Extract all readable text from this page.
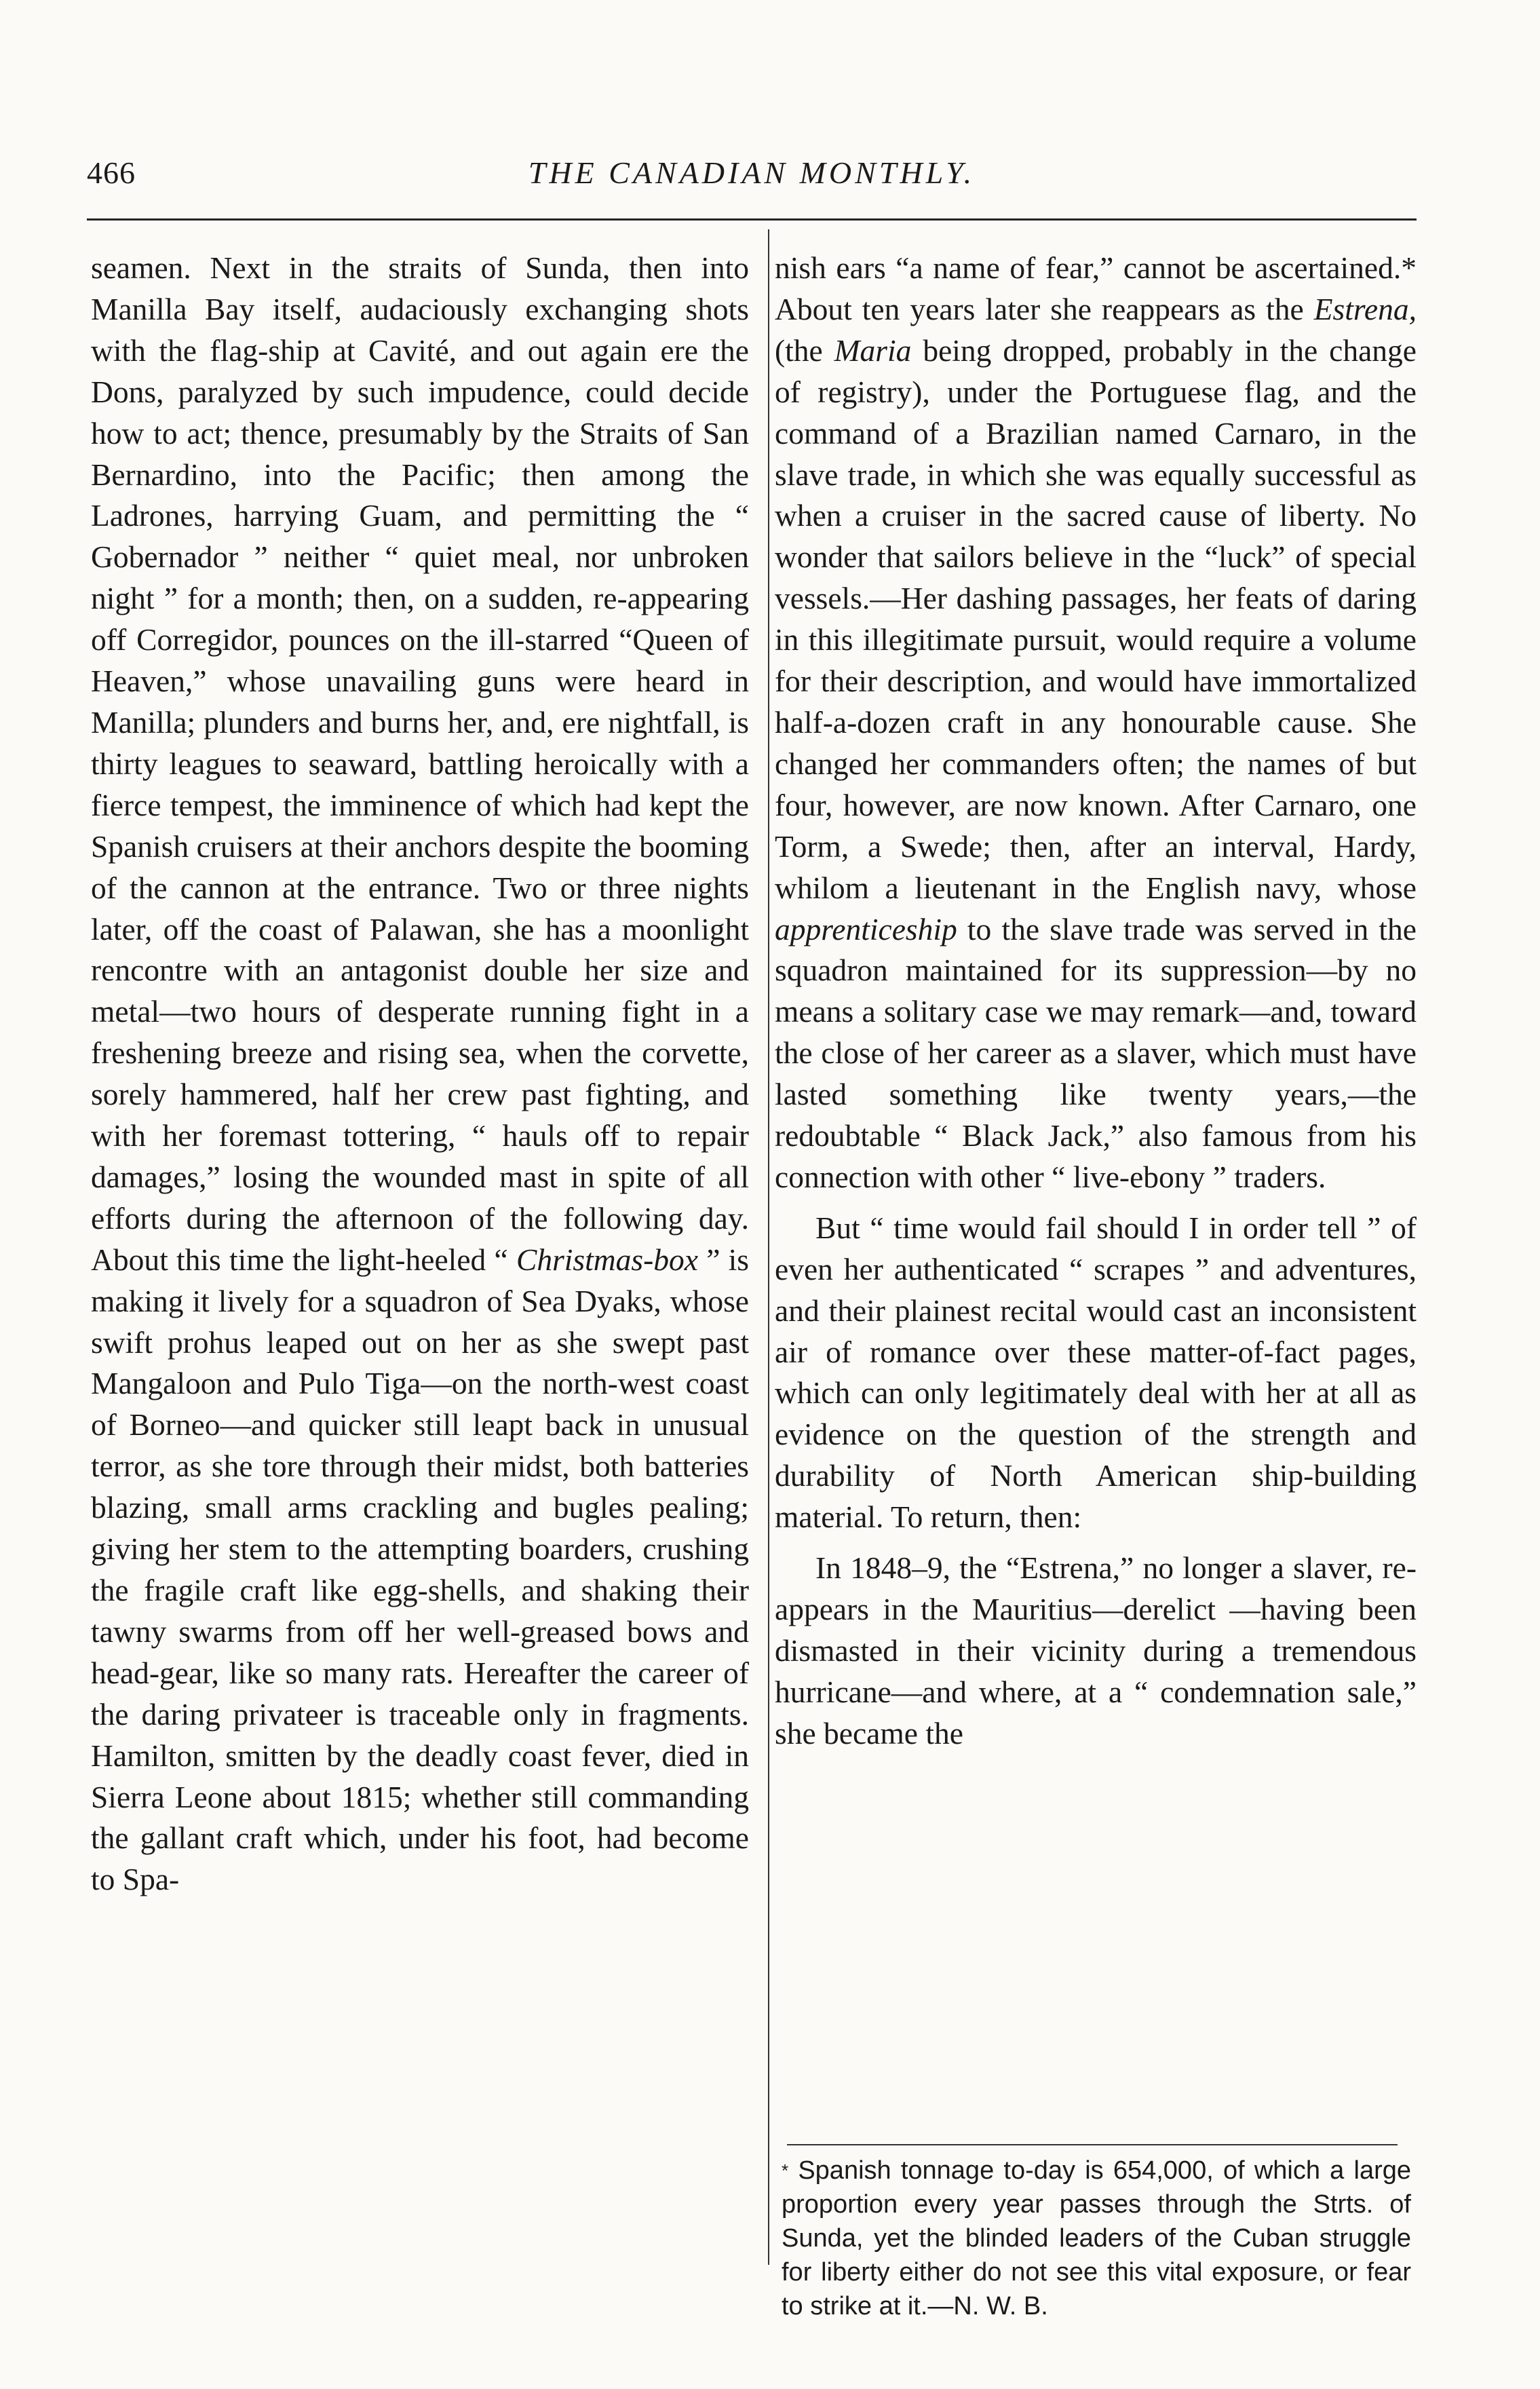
466	THE CANADIAN MONTHLY.

seamen. Next in the straits of Sunda, then into Manilla Bay itself, audaciously exchanging shots with the flag-ship at Cavité, and out again ere the Dons, paralyzed by such impudence, could decide how to act; thence, presumably by the Straits of San Bernardino, into the Pacific; then among the Ladrones, harrying Guam, and permitting the “ Gobernador ” neither “ quiet meal, nor unbroken night ” for a month; then, on a sudden, re-appearing off Corregidor, pounces on the ill-starred “Queen of Heaven,” whose unavailing guns were heard in Manilla; plunders and burns her, and, ere nightfall, is thirty leagues to seaward, battling heroically with a fierce tempest, the imminence of which had kept the Spanish cruisers at their anchors despite the booming of the cannon at the entrance. Two or three nights later, off the coast of Palawan, she has a moonlight rencontre with an antagonist double her size and metal—two hours of desperate running fight in a freshening breeze and rising sea, when the corvette, sorely hammered, half her crew past fighting, and with her foremast tottering, “ hauls off to repair damages,” losing the wounded mast in spite of all efforts during the afternoon of the following day. About this time the light-heeled “ Christmas-box ” is making it lively for a squadron of Sea Dyaks, whose swift prohus leaped out on her as she swept past Mangaloon and Pulo Tiga—on the north-west coast of Borneo—and quicker still leapt back in unusual terror, as she tore through their midst, both batteries blazing, small arms crackling and bugles pealing; giving her stem to the attempting boarders, crushing the fragile craft like egg-shells, and shaking their tawny swarms from off her well-greased bows and head-gear, like so many rats. Hereafter the career of the daring privateer is traceable only in fragments. Hamilton, smitten by the deadly coast fever, died in Sierra Leone about 1815; whether still commanding the gallant craft which, under his foot, had become to Spa-

nish ears “a name of fear,” cannot be ascertained.* About ten years later she reappears as the Estrena, (the Maria being dropped, probably in the change of registry), under the Portuguese flag, and the command of a Brazilian named Carnaro, in the slave trade, in which she was equally successful as when a cruiser in the sacred cause of liberty. No wonder that sailors believe in the “luck” of special vessels.—Her dashing passages, her feats of daring in this illegitimate pursuit, would require a volume for their description, and would have immortalized half-a-dozen craft in any honourable cause. She changed her commanders often; the names of but four, however, are now known. After Carnaro, one Torm, a Swede; then, after an interval, Hardy, whilom a lieutenant in the English navy, whose apprenticeship to the slave trade was served in the squadron maintained for its suppression—by no means a solitary case we may remark—and, toward the close of her career as a slaver, which must have lasted something like twenty years,—the redoubtable “ Black Jack,” also famous from his connection with other “ live-ebony ” traders.

But “ time would fail should I in order tell ” of even her authenticated “ scrapes ” and adventures, and their plainest recital would cast an inconsistent air of romance over these matter-of-fact pages, which can only legitimately deal with her at all as evidence on the question of the strength and durability of North American ship-building material. To return, then:

In 1848–9, the “Estrena,” no longer a slaver, re-appears in the Mauritius—derelict —having been dismasted in their vicinity during a tremendous hurricane—and where, at a “ condemnation sale,” she became the

* Spanish tonnage to-day is 654,000, of which a large proportion every year passes through the Strts. of Sunda, yet the blinded leaders of the Cuban struggle for liberty either do not see this vital exposure, or fear to strike at it.—N. W. B.
